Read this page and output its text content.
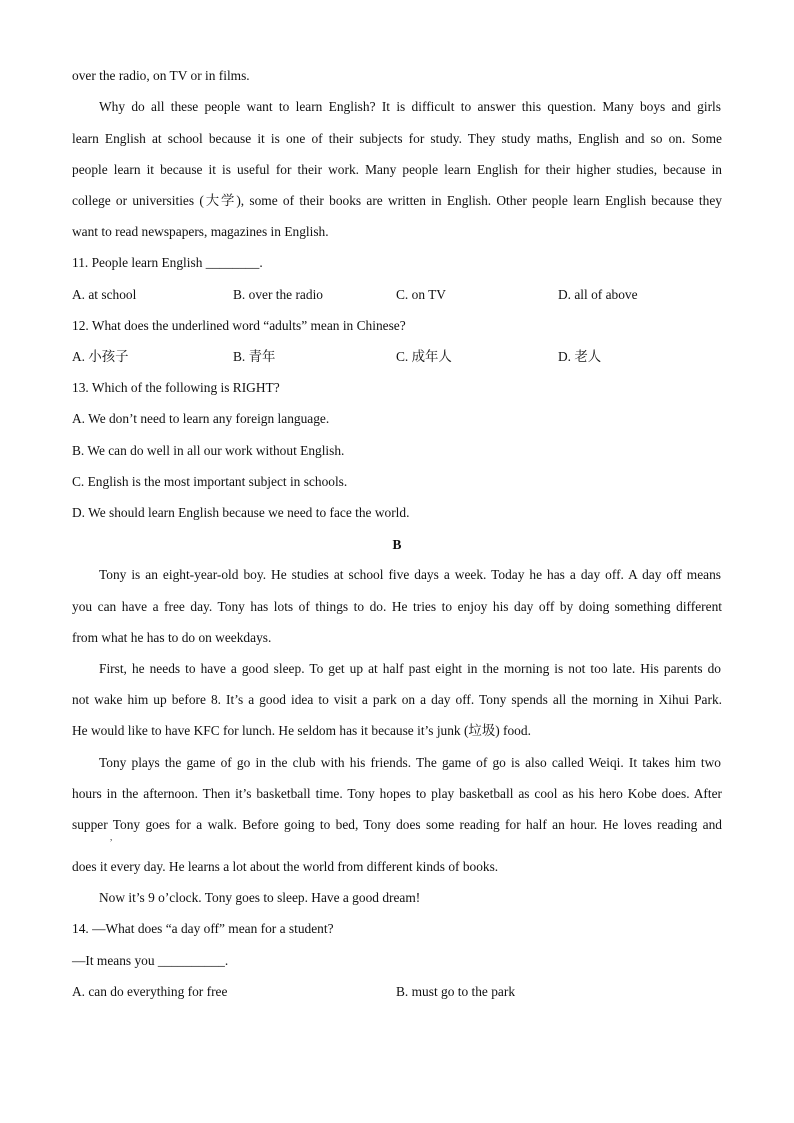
over the radio, on TV or in films.
Why do all these people want to learn English? It is difficult to answer this question. Many boys and girls
learn English at school because it is one of their subjects for study. They study maths, English and so on. Some
people learn it because it is useful for their work. Many people learn English for their higher studies, because in
college or universities (大学), some of their books are written in English. Other people learn English because they
want to read newspapers, magazines in English.
11. People learn English ________.
A. at school	B. over the radio	C. on TV	D. all of above
12. What does the underlined word “adults” mean in Chinese?
A. 小孩子	B. 青年	C. 成年人	D. 老人
13. Which of the following is RIGHT?
A. We don’t need to learn any foreign language.
B. We can do well in all our work without English.
C. English is the most important subject in schools.
D. We should learn English because we need to face the world.
B
Tony is an eight-year-old boy. He studies at school five days a week. Today he has a day off. A day off means
you can have a free day. Tony has lots of things to do. He tries to enjoy his day off by doing something different
from what he has to do on weekdays.
First, he needs to have a good sleep. To get up at half past eight in the morning is not too late. His parents do
not wake him up before 8. It’s a good idea to visit a park on a day off. Tony spends all the morning in Xihui Park.
He would like to have KFC for lunch. He seldom has it because it’s junk (垃圾) food.
Tony plays the game of go in the club with his friends. The game of go is also called Weiqi. It takes him two
hours in the afternoon. Then it’s basketball time. Tony hopes to play basketball as cool as his hero Kobe does. After
supper Tony goes for a walk. Before going to bed, Tony does some reading for half an hour. He loves reading and
,
does it every day. He learns a lot about the world from different kinds of books.
Now it’s 9 o’clock. Tony goes to sleep. Have a good dream!
14. —What does “a day off” mean for a student?
—It means you __________.
A. can do everything for free	B. must go to the park
